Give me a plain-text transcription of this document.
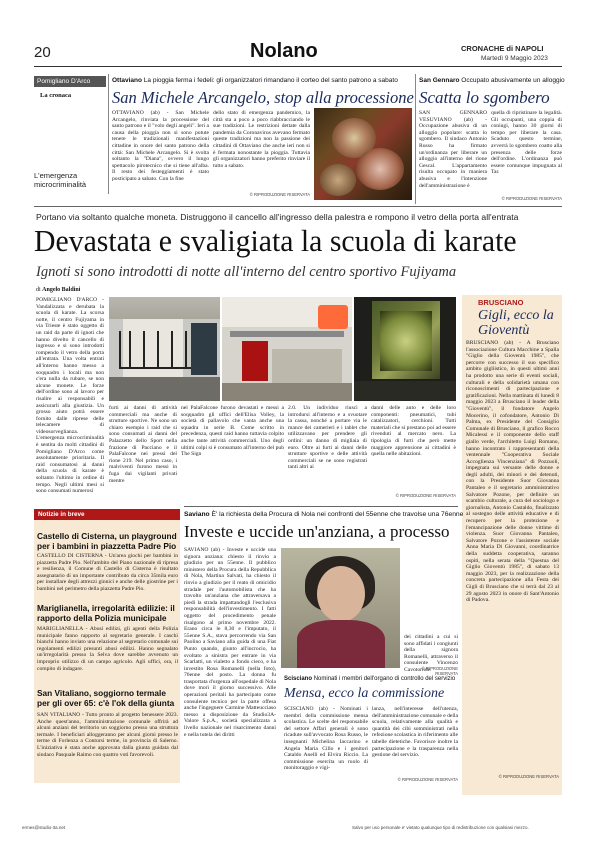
20	Nolano	CRONACHE di NAPOLI
Martedì 9 Maggio 2023
Pomigliano D'Arco
La cronaca
L'emergenza microcriminalità
Ottaviano La pioggia ferma i fedeli: gli organizzatori rimandano il corteo del santo patrono a sabato
San Michele Arcangelo, stop alla processione
OTTAVIANO (ab) - San Michele Arcangelo, rinviata la processione del santo patrono e il "volo degli angeli". Ieri a causa della pioggia non si sono potute tenere le tradizionali manifestazioni cittadine in onore del santo patrono della città: San Michele Arcangelo. Si è svolta soltanto la "Diana", ovvero il lungo spettacolo pirotecnico che si tiene all'alba. Il resto dei festeggiamenti è stato posticipato a sabato. Con la fine
dello stato di emergenza pandemico, la città sta a poco a poco riabbracciando le sue tradizioni. Le restrizioni dettate dalla pandemia da Coronavirus avevano fermato queste tradizioni ma non la passione dei cittadini di Ottaviano che anche ieri non si è fermata nonostante la pioggia. Tuttavia gli organizzatori hanno preferito rinviare il tutto a sabato.
© RIPRODUZIONE RISERVATA
San Gennaro Occupato abusivamente un alloggio
Scatta lo sgombero
SAN GENNARO VESUVIANO (ab) - Occupazione abusiva di un alloggio popolare: scatta lo sgombero. Il sindaco Antonio Russo ha firmato un'ordinanza per liberare un alloggio all'interno del rione Gescal. L'appartamento risulta occupato in maniera abusiva e l'intenzione dell'amministrazione è
quella di ripristinare la legalità. Gli occupanti, una coppia di coniugi, hanno 30 giorni di tempo per liberare la casa. Scaduto questo termine, avverrà lo sgombero coatto alla presenza delle forze dell'ordine. L'ordinanza può essere comunque impugnata al Tar.
© RIPRODUZIONE RISERVATA
Portano via soltanto qualche moneta. Distruggono il cancello all'ingresso della palestra e rompono il vetro della porta all'entrata
Devastata e svaligiata la scuola di karate
Ignoti si sono introdotti di notte all'interno del centro sportivo Fujiyama
di Angelo Baldini
POMIGLIANO D'ARCO - Vandalizzata e derubata la scuola di karate. La scorsa notte, il centro Fujiyama in via Trieste è stato oggetto di un raid da parte di ignoti che hanno divelto il cancello di ingresso e si sono introdotti rompendo il vetro della porta all'entrata. Una volta entrati all'interno hanno messo a soqquadro i locali ma non c'era nulla da rubare, se non alcune monete. Le forze dell'ordine sono al lavoro per risalire ai responsabili e assicurarli alla giustizia. Un grosso aiuto potrà essere fornito dalle riprese delle telecamere di videosorveglianza. L'emergenza microcriminalità è sentita da molti cittadini di Pomigliano D'Arco come assolutamente prioritaria. Il raid consumatosi ai danni della scuola di karate è soltanto l'ultimo in ordine di tempo. Negli ultimi mesi si sono consumati numerosi
furti ai danni di attività commerciali ma anche di strutture sportive. Ne sono un chiaro esempio i raid che si sono consumati ai danni del Palazzetto dello Sport nella frazione di Pacciano e il PalaFalcone nei pressi del rione 219. Nel primo caso, i malviventi furono messi in fuga dai vigilanti privati mentre
nel PalaFalcone furono devastati e messi a soqquadro gli uffici dell'Elisa Volley, la società di pallavolo che vanta anche una squadra in serie B. Come scritto in precedenza, questi raid hanno tuttavia colpito anche tante attività commerciali. Uno degli ultimi colpi si è consumato all'interno del pub The Sign
2.0. Un individuo riuscì a introdursi all'interno e a svuotare la cassa, nonché a portare via le mance dei camerieri e i tablet che utilizzavano per prendere gli ordini: un danno di migliaia di euro. Oltre ai furti ai danni delle strutture sportive e delle attività commerciali se ne sono registrati tanti altri ai
danni delle auto e delle loro componenti: pneumatici, tubi catalizzatori, cerchioni. Tutti materiali che si prestano poi ad essere rivenduti al mercato nero. La tipologia di furti che però mette maggiore apprensione ai cittadini è quella nelle abitazioni.
© RIPRODUZIONE RISERVATA
BRUSCIANO
Gigli, ecco la Gioventù
BRUSCIANO (ab) - A Brusciano l'associazione Cultura Macchine a Spalla "Giglio della Gioventù 1985", che percorre con successo il suo specifico ambito gigliistico, in questi ultimi anni ha prodotto una serie di eventi sociali, culturali e della solidarietà umana con riconoscimenti di partecipazione e gratificazioni. Nella mattinata di lunedì 8 maggio 2023 a Brusciano il leader della "Gioventù", il fondatore Angelo Mocerino, il cofondatore, Antonio Di Palma, ex Presidente del Consiglio Comunale di Brusciano, il grafico Rocco Micalessi e il componente dello staff giallo verde, l'architetto Luigi Romano, hanno incontrato i rappresentanti della ventennale "Cooperativa Sociale Accoglienza Vincenziana" di Pozzuoli, impegnata sui versante delle donne e degli adulti, dei minori e dei detenuti, con la Presidente Suor Giovanna Pantaleo e il segretario amministrativo Salvatore Pozone, per definire un scambio culturale, a cura del sociologo e giornalista, Antonio Castaldo, finalizzato al sostegno delle attività educative e di recupero per la protezione e l'emancipazione delle donne vittime di violenza. Suor Giovanna Pantaleo, Salvatore Pozone e l'assistente sociale Anna Maria Di Giovanni, coordinatrice della suddetta cooperativa, saranno ospiti, nella serata della "Questua del Giglio Gioventù 1985", di sabato 13 maggio 2023, per la realizzazione della concreta partecipazione alla Festa dei Gigli di Brusciano che si terrà dal 23 al 29 agosto 2023 in onore di Sant'Antonio di Padova.
© RIPRODUZIONE RISERVATA
Notizie in breve
Castello di Cisterna, un playground per i bambini in piazzetta Padre Pio
CASTELLO DI CISTERNA - Un'area giochi per bambini in piazzetta Padre Pio. Nell'ambito del Piano nazionale di ripresa e resilienza, il Comune di Castello di Cisterna è risultato assegnatario di un importante contributo da circa 35mila euro per installare degli attrezzi ginnici e anche delle giostrine per i bambini nel perimetro della piazzetta Padre Pio.
Mariglianella, irregolarità edilizie: il rapporto della Polizia municipale
MARIGLIANELLA - Abusi edilizi, gli agenti della Polizia municipale fanno rapporto al segretario generale. I caschi bianchi hanno inviato una relazione al segretario comunale sui regolamenti edilizi presunti abusi edilizi. Hanno segnalato un'irregolarità presso la Selva dove sarebbe avvenuto un improprio utilizzo di un campo agricolo. Agli uffici, ora, il compito di indagare.
San Vitaliano, soggiorno termale per gli over 65: c'è l'ok della giunta
SAN VITALIANO - Tutto pronto al progetto benessere 2023. Anche quest'anno, l'amministrazione comunale offrirà ad alcuni anziani del territorio un soggiorno presso una struttura termale. I beneficiari alloggeranno per alcuni giorni presso le terme di Forlenza a Contursi terme, in provincia di Salerno. L'iniziativa è stata anche approvata dalla giunta guidata dal sindaco Pasquale Raimo con quattro voti favorevoli.
Saviano È' la richiesta della Procura di Nola nei confronti del 55enne che travolse una 76enne
Investe e uccide un'anziana, a processo
SAVIANO (ab) - Investe e uccide una signora anziana: chiesto il rinvio a giudizio per un 55enne. Il pubblico ministero della Procura della Repubblica di Nola, Martina Salvati, ha chiesto il rinvio a giudizio per il reato di omicidio stradale per l'automobilista che ha travolto un'anziana che attraversava a piedi la strada impattandogli l'esclusiva responsabilità dell'investimento. I fatti oggetto del procedimento penale risalgono al primo novembre 2022. Erano circa le 8,30 e l'imputato, il 55enne S.A., stava percorrendo via San Paolino a Saviano alla guida di una Fiat Punto quando, giunto all'incrocio, ha svoltato a sinistra per entrare in via Scarlatti, un vialetto a fondo cieco, e ha investito Rosa Romanelli (nella foto), 76enne del posto. La donna fu trasportata d'urgenza all'ospedale di Nola dove morì il giorno successivo. Alle operazioni peritali ha partecipato come consulente tecnico per la parte offesa anche l'ingegnere Carmine Matteucciaso messo a disposizione da Studio3A-Valore S.p.A., società specializzata a livello nazionale nel risarcimento danni e nella tutela dei diritti
dei cittadini a cui si sono affidati i congiunti della signora Romanelli, attraverso il consulente Vincenzo Cavotornde.
© RIPRODUZIONE RISERVATA
Scisciano Nominati i membri dell'organo di controllo del servizio
Mensa, ecco la commissione
SCISCIANO (ab) - Nominati i membri della commissione mensa scolastica. Le scelte del responsabile del settore Affari generali è sono ricadute sull'avvocato Rosa Russo, le insegnanti Michelina Iaccarino e Angela Maria Cillo e i genitori Cataldo Anelli ed Elvira Riccio. La commissione esercita un ruolo di monitoraggio e vigi-
lanza, nell'interesse dell'utenza, dell'amministrazione comunale e della scuola, relativamente alla qualità e quantità dei cibi somministrati nella refezione scolastica in riferimento alle tabelle dietetiche. Favorisce inoltre la partecipazione e la trasparenza nella gestione del servizio.
© RIPRODUZIONE RISERVATA
ermes@studio-3a.net	Salvo per uso personale e' vietato qualunque tipo di redistribuzione con qualsiasi mezzo.
